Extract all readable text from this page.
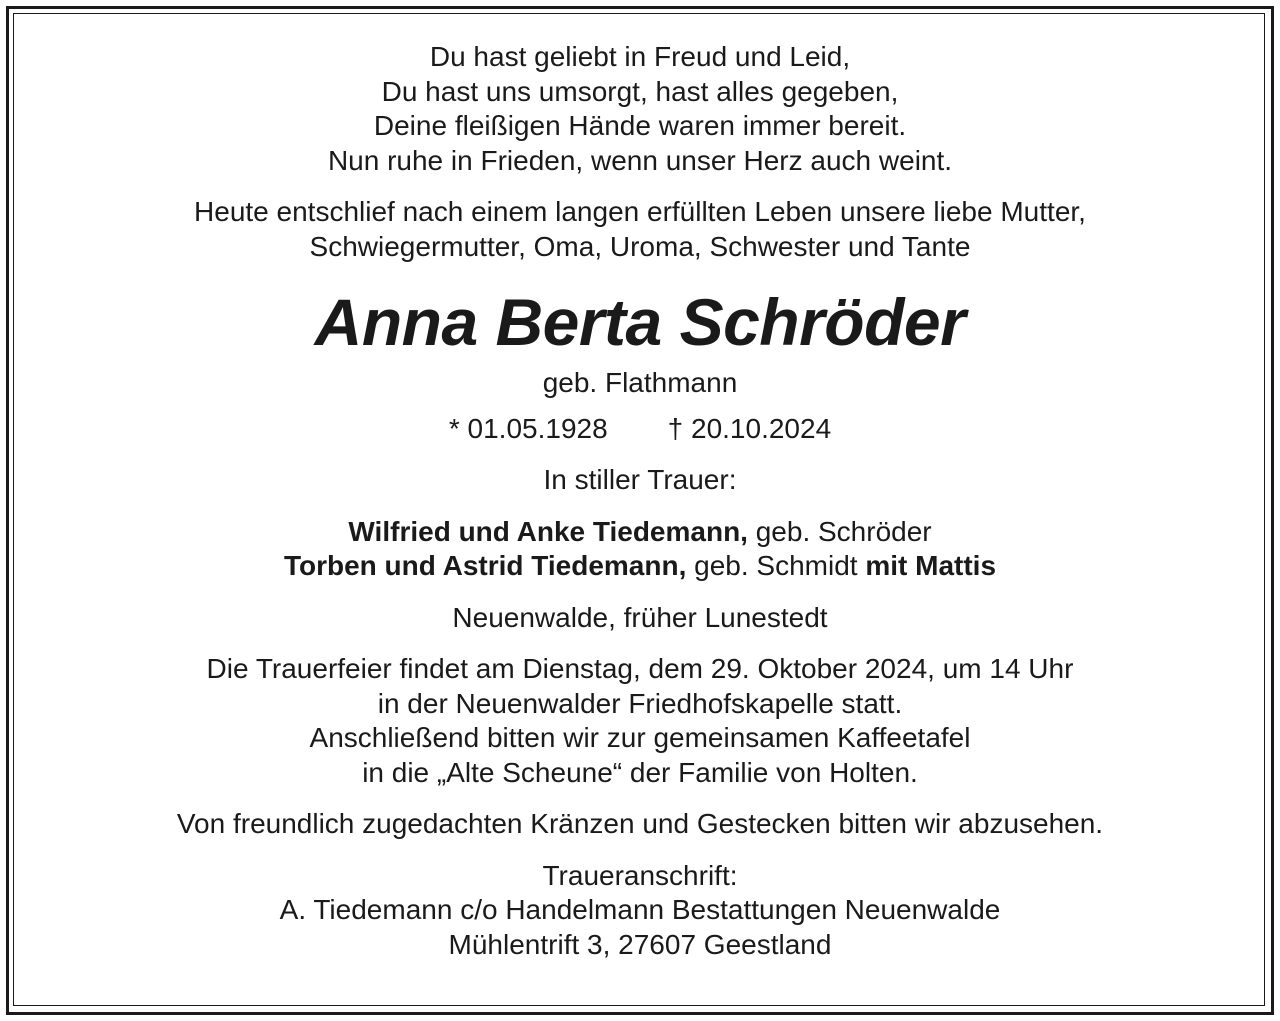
Du hast geliebt in Freud und Leid,
Du hast uns umsorgt, hast alles gegeben,
Deine fleißigen Hände waren immer bereit.
Nun ruhe in Frieden, wenn unser Herz auch weint.
Heute entschlief nach einem langen erfüllten Leben unsere liebe Mutter,
Schwiegermutter, Oma, Uroma, Schwester und Tante
Anna Berta Schröder
geb. Flathmann
* 01.05.1928 † 20.10.2024
In stiller Trauer:
Wilfried und Anke Tiedemann, geb. Schröder
Torben und Astrid Tiedemann, geb. Schmidt mit Mattis
Neuenwalde, früher Lunestedt
Die Trauerfeier findet am Dienstag, dem 29. Oktober 2024, um 14 Uhr
in der Neuenwalder Friedhofskapelle statt.
Anschließend bitten wir zur gemeinsamen Kaffeetafel
in die „Alte Scheune“ der Familie von Holten.
Von freundlich zugedachten Kränzen und Gestecken bitten wir abzusehen.
Traueranschrift:
A. Tiedemann c/o Handelmann Bestattungen Neuenwalde
Mühlentrift 3, 27607 Geestland
